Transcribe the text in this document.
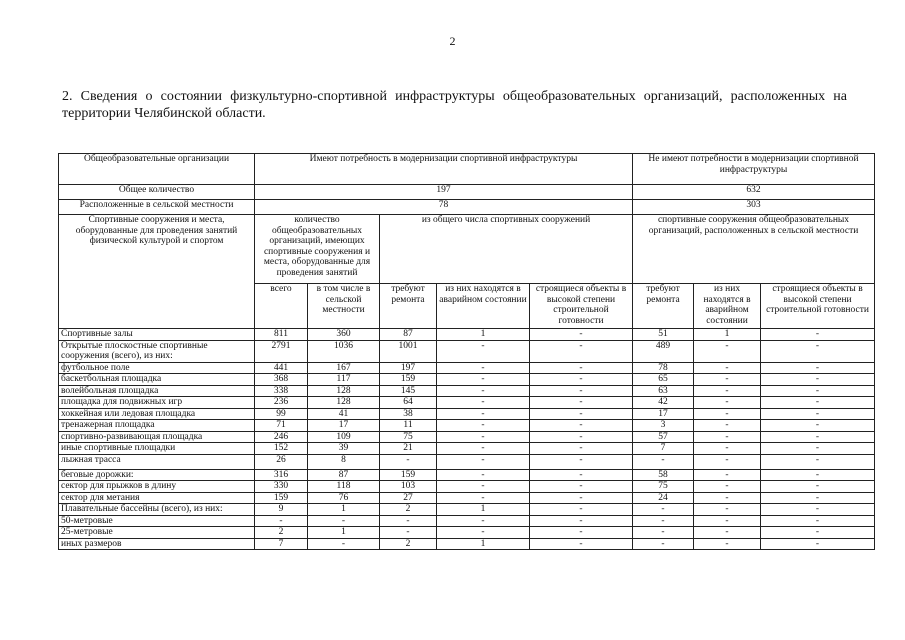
2
2. Сведения о состоянии физкультурно-спортивной инфраструктуры общеобразовательных организаций, расположенных на территории Челябинской области.
Общеобразовательные организации	Имеют потребность в модернизации спортивной инфраструктуры					Не имеют потребности в модернизации спортивной инфраструктуры		
Общее количество	197					632		
Расположенные в сельской местности	78					303		
Спортивные сооружения и места, оборудованные для проведения занятий физической культурой и спортом	количество общеобразовательных организаций, имеющих спортивные сооружения и места, оборудованные для проведения занятий		из общего числа спортивных сооружений			спортивные сооружения общеобразовательных организаций, расположенных в сельской местности		
	всего	в том числе в сельской местности	требуют ремонта	из них находятся в аварийном состоянии	строящиеся объекты в высокой степени строительной готовности	требуют ремонта	из них находятся в аварийном состоянии	строящиеся объекты в высокой степени строительной готовности
Спортивные залы	811	360	87	1	-	51	1	-
Открытые плоскостные спортивные сооружения (всего), из них:	2791	1036	1001	-	-	489	-	-
футбольное поле	441	167	197	-	-	78	-	-
баскетбольная площадка	368	117	159	-	-	65	-	-
волейбольная площадка	338	128	145	-	-	63	-	-
площадка для подвижных игр	236	128	64	-	-	42	-	-
хоккейная или ледовая площадка	99	41	38	-	-	17	-	-
тренажерная площадка	71	17	11	-	-	3	-	-
спортивно-развивающая площадка	246	109	75	-	-	57	-	-
иные спортивные площадки	152	39	21	-	-	7	-	-
лыжная трасса	26	8	-	-	-	-	-	-
беговые дорожки:	316	87	159	-	-	58	-	-
сектор для прыжков в длину	330	118	103	-	-	75	-	-
сектор для метания	159	76	27	-	-	24	-	-
Плавательные бассейны (всего), из них:	9	1	2	1	-	-	-	-
50-метровые	-	-	-	-	-	-	-	-
25-метровые	2	1	-	-	-	-	-	-
иных размеров	7	-	2	1	-	-	-	-
